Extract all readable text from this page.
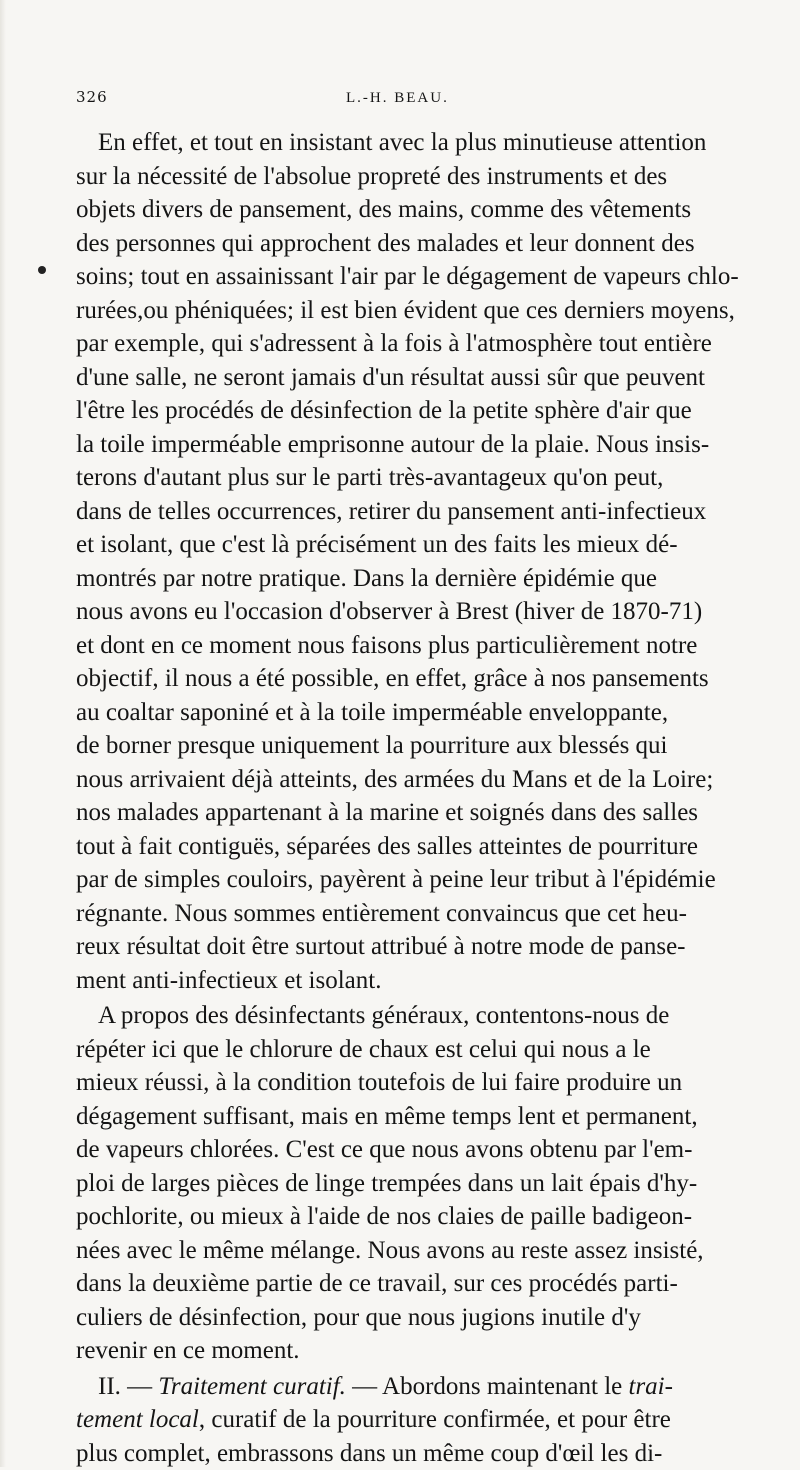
326	L.-H. BEAU.

En effet, et tout en insistant avec la plus minutieuse attention
sur la nécessité de l'absolue propreté des instruments et des
objets divers de pansement, des mains, comme des vêtements
des personnes qui approchent des malades et leur donnent des
soins; tout en assainissant l'air par le dégagement de vapeurs chlo-
rurées,ou phéniquées; il est bien évident que ces derniers moyens,
par exemple, qui s'adressent à la fois à l'atmosphère tout entière
d'une salle, ne seront jamais d'un résultat aussi sûr que peuvent
l'être les procédés de désinfection de la petite sphère d'air que
la toile imperméable emprisonne autour de la plaie. Nous insis-
terons d'autant plus sur le parti très-avantageux qu'on peut,
dans de telles occurrences, retirer du pansement anti-infectieux
et isolant, que c'est là précisément un des faits les mieux dé-
montrés par notre pratique. Dans la dernière épidémie que
nous avons eu l'occasion d'observer à Brest (hiver de 1870-71)
et dont en ce moment nous faisons plus particulièrement notre
objectif, il nous a été possible, en effet, grâce à nos pansements
au coaltar saponiné et à la toile imperméable enveloppante,
de borner presque uniquement la pourriture aux blessés qui
nous arrivaient déjà atteints, des armées du Mans et de la Loire;
nos malades appartenant à la marine et soignés dans des salles
tout à fait contiguës, séparées des salles atteintes de pourriture
par de simples couloirs, payèrent à peine leur tribut à l'épidémie
régnante. Nous sommes entièrement convaincus que cet heu-
reux résultat doit être surtout attribué à notre mode de panse-
ment anti-infectieux et isolant.

A propos des désinfectants généraux, contentons-nous de
répéter ici que le chlorure de chaux est celui qui nous a le
mieux réussi, à la condition toutefois de lui faire produire un
dégagement suffisant, mais en même temps lent et permanent,
de vapeurs chlorées. C'est ce que nous avons obtenu par l'em-
ploi de larges pièces de linge trempées dans un lait épais d'hy-
pochlorite, ou mieux à l'aide de nos claies de paille badigeon-
nées avec le même mélange. Nous avons au reste assez insisté,
dans la deuxième partie de ce travail, sur ces procédés parti-
culiers de désinfection, pour que nous jugions inutile d'y
revenir en ce moment.

II. — Traitement curatif. — Abordons maintenant le trai-
tement local, curatif de la pourriture confirmée, et pour être
plus complet, embrassons dans un même coup d'œil les di-
